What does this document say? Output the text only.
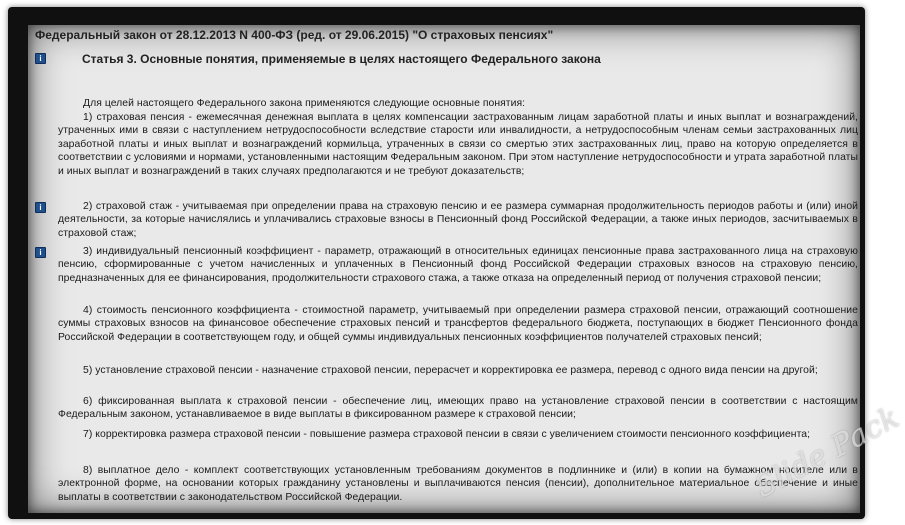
Федеральный закон от 28.12.2013 N 400-ФЗ (ред. от 29.06.2015) "О страховых пенсиях"
i	Статья 3. Основные понятия, применяемые в целях настоящего Федерального закона
Для целей настоящего Федерального закона применяются следующие основные понятия:
1) страховая пенсия - ежемесячная денежная выплата в целях компенсации застрахованным лицам заработной платы и иных выплат и вознаграждений, утраченных ими в связи с наступлением нетрудоспособности вследствие старости или инвалидности, а нетрудоспособным членам семьи застрахованных лиц заработной платы и иных выплат и вознаграждений кормильца, утраченных в связи со смертью этих застрахованных лиц, право на которую определяется в соответствии с условиями и нормами, установленными настоящим Федеральным законом. При этом наступление нетрудоспособности и утрата заработной платы и иных выплат и вознаграждений в таких случаях предполагаются и не требуют доказательств;
i	2) страховой стаж - учитываемая при определении права на страховую пенсию и ее размера суммарная продолжительность периодов работы и (или) иной деятельности, за которые начислялись и уплачивались страховые взносы в Пенсионный фонд Российской Федерации, а также иных периодов, засчитываемых в страховой стаж;
i	3) индивидуальный пенсионный коэффициент - параметр, отражающий в относительных единицах пенсионные права застрахованного лица на страховую пенсию, сформированные с учетом начисленных и уплаченных в Пенсионный фонд Российской Федерации страховых взносов на страховую пенсию, предназначенных для ее финансирования, продолжительности страхового стажа, а также отказа на определенный период от получения страховой пенсии;
4) стоимость пенсионного коэффициента - стоимостной параметр, учитываемый при определении размера страховой пенсии, отражающий соотношение суммы страховых взносов на финансовое обеспечение страховых пенсий и трансфертов федерального бюджета, поступающих в бюджет Пенсионного фонда Российской Федерации в соответствующем году, и общей суммы индивидуальных пенсионных коэффициентов получателей страховых пенсий;
5) установление страховой пенсии - назначение страховой пенсии, перерасчет и корректировка ее размера, перевод с одного вида пенсии на другой;
6) фиксированная выплата к страховой пенсии - обеспечение лиц, имеющих право на установление страховой пенсии в соответствии с настоящим Федеральным законом, устанавливаемое в виде выплаты в фиксированном размере к страховой пенсии;
7) корректировка размера страховой пенсии - повышение размера страховой пенсии в связи с увеличением стоимости пенсионного коэффициента;
8) выплатное дело - комплект соответствующих установленным требованиям документов в подлиннике и (или) в копии на бумажном носителе или в электронной форме, на основании которых гражданину установлены и выплачиваются пенсия (пенсии), дополнительное материальное обеспечение и иные выплаты в соответствии с законодательством Российской Федерации.	Slide Pack
